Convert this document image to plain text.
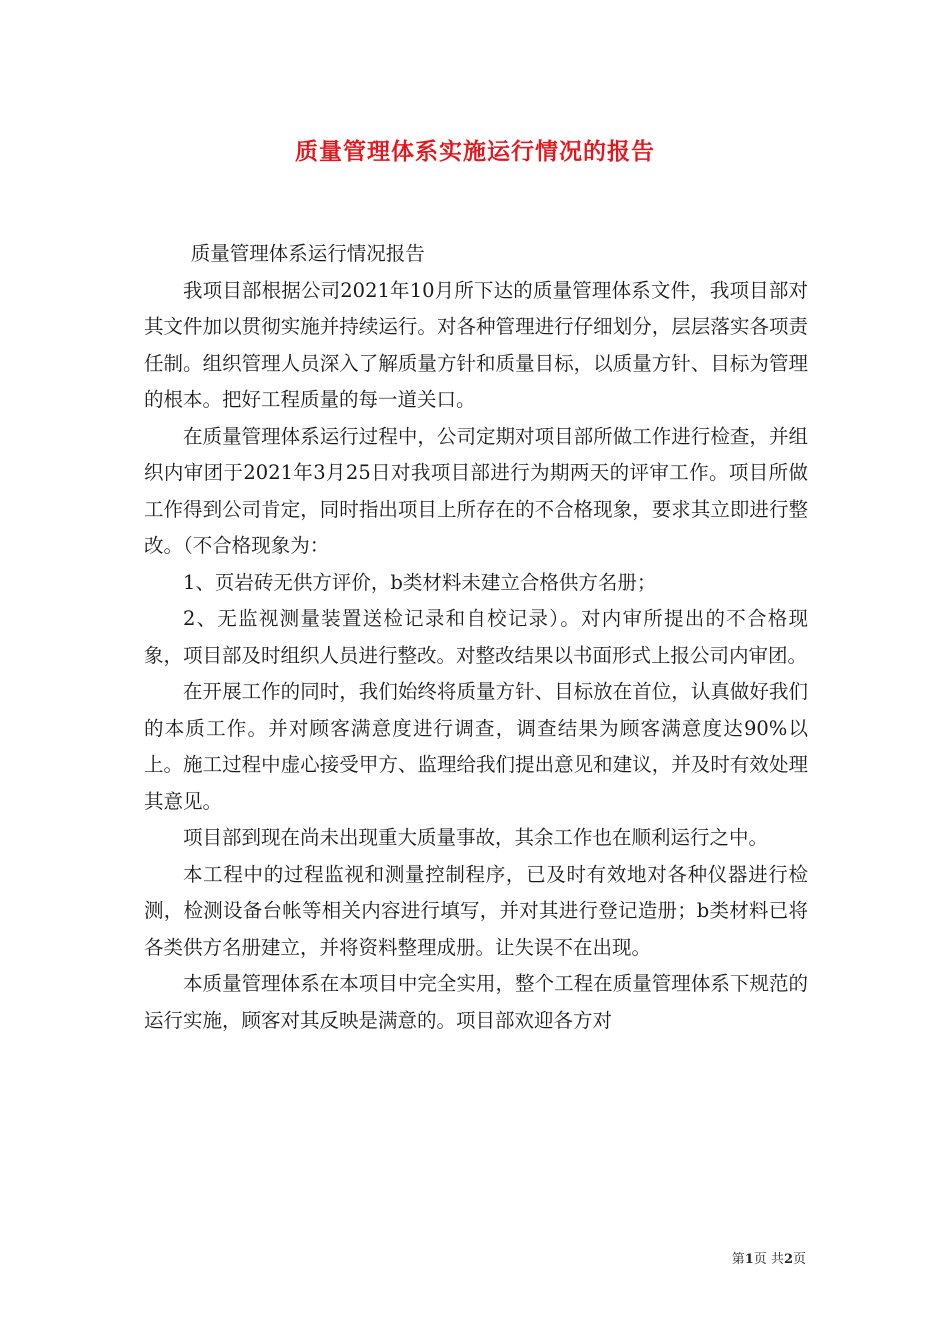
质量管理体系实施运行情况的报告

质量管理体系运行情况报告

我项目部根据公司2021年10月所下达的质量管理体系文件，我项目部对其文件加以贯彻实施并持续运行。对各种管理进行仔细划分，层层落实各项责任制。组织管理人员深入了解质量方针和质量目标，以质量方针、目标为管理的根本。把好工程质量的每一道关口。

在质量管理体系运行过程中，公司定期对项目部所做工作进行检查，并组织内审团于2021年3月25日对我项目部进行为期两天的评审工作。项目所做工作得到公司肯定，同时指出项目上所存在的不合格现象，要求其立即进行整改。（不合格现象为：

1、页岩砖无供方评价，b类材料未建立合格供方名册；

2、无监视测量装置送检记录和自校记录）。对内审所提出的不合格现象，项目部及时组织人员进行整改。对整改结果以书面形式上报公司内审团。

在开展工作的同时，我们始终将质量方针、目标放在首位，认真做好我们的本质工作。并对顾客满意度进行调查，调查结果为顾客满意度达90%以上。施工过程中虚心接受甲方、监理给我们提出意见和建议，并及时有效处理其意见。

项目部到现在尚未出现重大质量事故，其余工作也在顺利运行之中。

本工程中的过程监视和测量控制程序，已及时有效地对各种仪器进行检测，检测设备台帐等相关内容进行填写，并对其进行登记造册；b类材料已将各类供方名册建立，并将资料整理成册。让失误不在出现。

本质量管理体系在本项目中完全实用，整个工程在质量管理体系下规范的运行实施，顾客对其反映是满意的。项目部欢迎各方对

第1页 共2页
